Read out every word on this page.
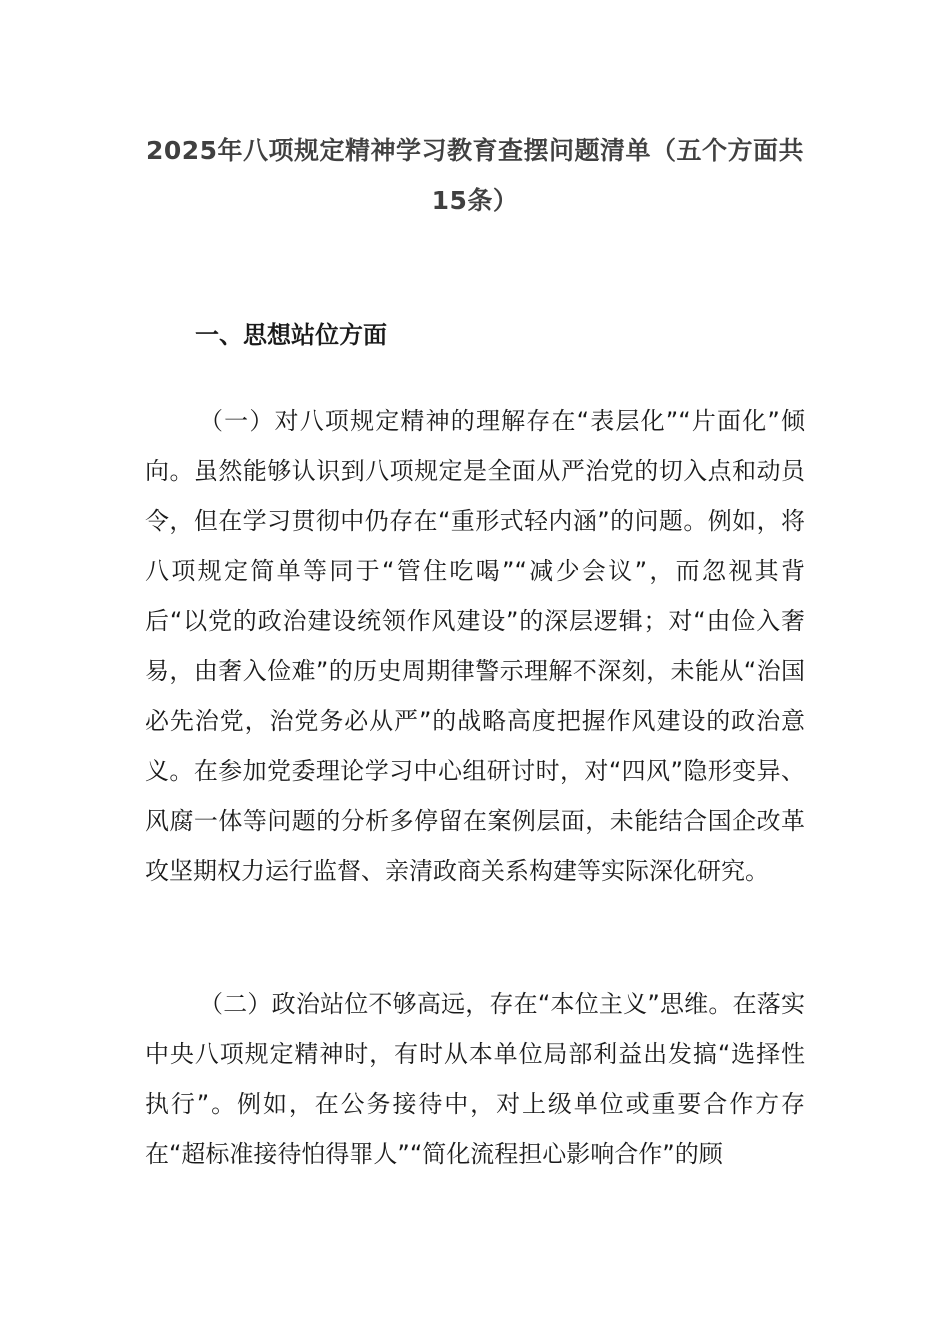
2025年八项规定精神学习教育查摆问题清单（五个方面共15条）
一、思想站位方面

（一）对八项规定精神的理解存在“表层化”“片面化”倾向。虽然能够认识到八项规定是全面从严治党的切入点和动员令，但在学习贯彻中仍存在“重形式轻内涵”的问题。例如，将八项规定简单等同于“管住吃喝”“减少会议”，而忽视其背后“以党的政治建设统领作风建设”的深层逻辑；对“由俭入奢易，由奢入俭难”的历史周期律警示理解不深刻，未能从“治国必先治党，治党务必从严”的战略高度把握作风建设的政治意义。在参加党委理论学习中心组研讨时，对“四风”隐形变异、风腐一体等问题的分析多停留在案例层面，未能结合国企改革攻坚期权力运行监督、亲清政商关系构建等实际深化研究。

（二）政治站位不够高远，存在“本位主义”思维。在落实中央八项规定精神时，有时从本单位局部利益出发搞“选择性执行”。例如，在公务接待中，对上级单位或重要合作方存在“超标准接待怕得罪人”“简化流程担心影响合作”的顾
